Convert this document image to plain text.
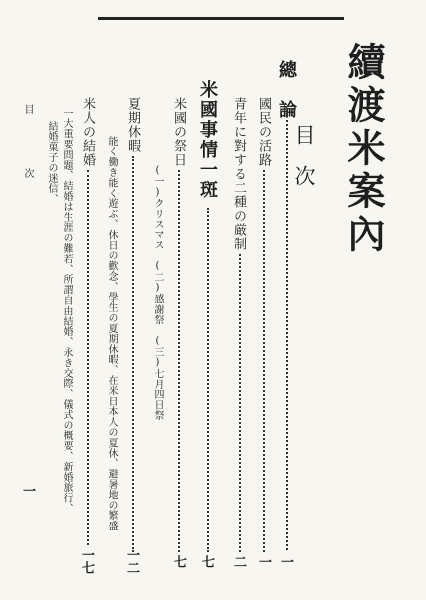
續渡米案內
目次
總　論
一
國民の活路
一
青年に對する二種の厳制
二
米國事情一斑
七
米國の祭日
七
(一)クリスマス　(二)感謝祭　(三)七月四日祭
夏期休暇
一二
能く働き能く遊ぶ、休日の歡念、學生の夏期休暇、在米日本人の夏休、避暑地の繁盛
米人の結婚
一七
一大重要問題、結婚は生涯の難若、所謂自由結婚、永き交際、儀式の概要、新婚旅行、
結婚菓子の迷信、
目　次
一
